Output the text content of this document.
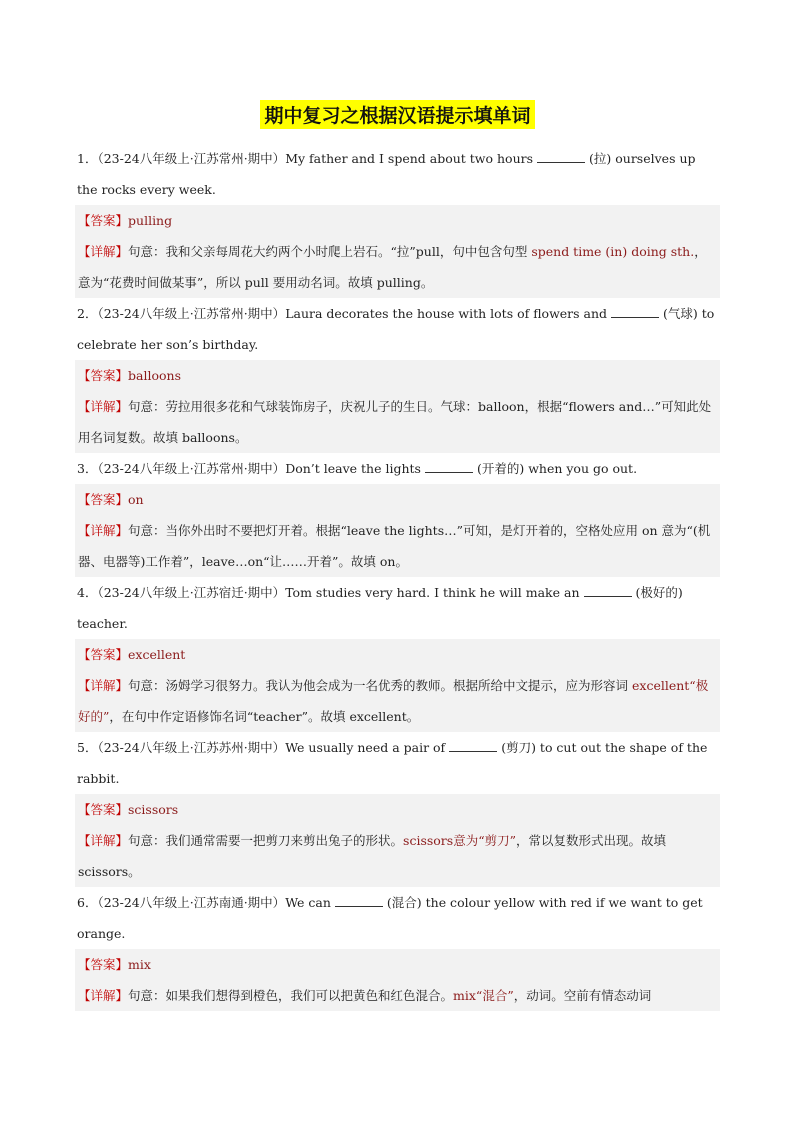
期中复习之根据汉语提示填单词
1．（23-24八年级上·江苏常州·期中）My father and I spend about two hours	(拉) ourselves up the rocks every week.
【答案】pulling
【详解】句意：我和父亲每周花大约两个小时爬上岩石。“拉”pull，句中包含句型 spend time (in) doing sth.，意为“花费时间做某事”，所以 pull 要用动名词。故填 pulling。
2．（23-24八年级上·江苏常州·期中）Laura decorates the house with lots of flowers and	(气球) to celebrate her son’s birthday.
【答案】balloons
【详解】句意：劳拉用很多花和气球装饰房子，庆祝儿子的生日。气球：balloon，根据“flowers and…”可知此处用名词复数。故填 balloons。
3．（23-24八年级上·江苏常州·期中）Don’t leave the lights	(开着的) when you go out.
【答案】on
【详解】句意：当你外出时不要把灯开着。根据“leave the lights…”可知，是灯开着的，空格处应用 on 意为“(机器、电器等)工作着”，leave…on“让……开着”。故填 on。
4．（23-24八年级上·江苏宿迁·期中）Tom studies very hard. I think he will make an	(极好的) teacher.
【答案】excellent
【详解】句意：汤姆学习很努力。我认为他会成为一名优秀的教师。根据所给中文提示，应为形容词 excellent“极好的”，在句中作定语修饰名词“teacher”。故填 excellent。
5．（23-24八年级上·江苏苏州·期中）We usually need a pair of	(剪刀) to cut out the shape of the rabbit.
【答案】scissors
【详解】句意：我们通常需要一把剪刀来剪出兔子的形状。scissors意为“剪刀”，常以复数形式出现。故填 scissors。
6．（23-24八年级上·江苏南通·期中）We can	(混合) the colour yellow with red if we want to get orange.
【答案】mix
【详解】句意：如果我们想得到橙色，我们可以把黄色和红色混合。mix“混合”，动词。空前有情态动词
